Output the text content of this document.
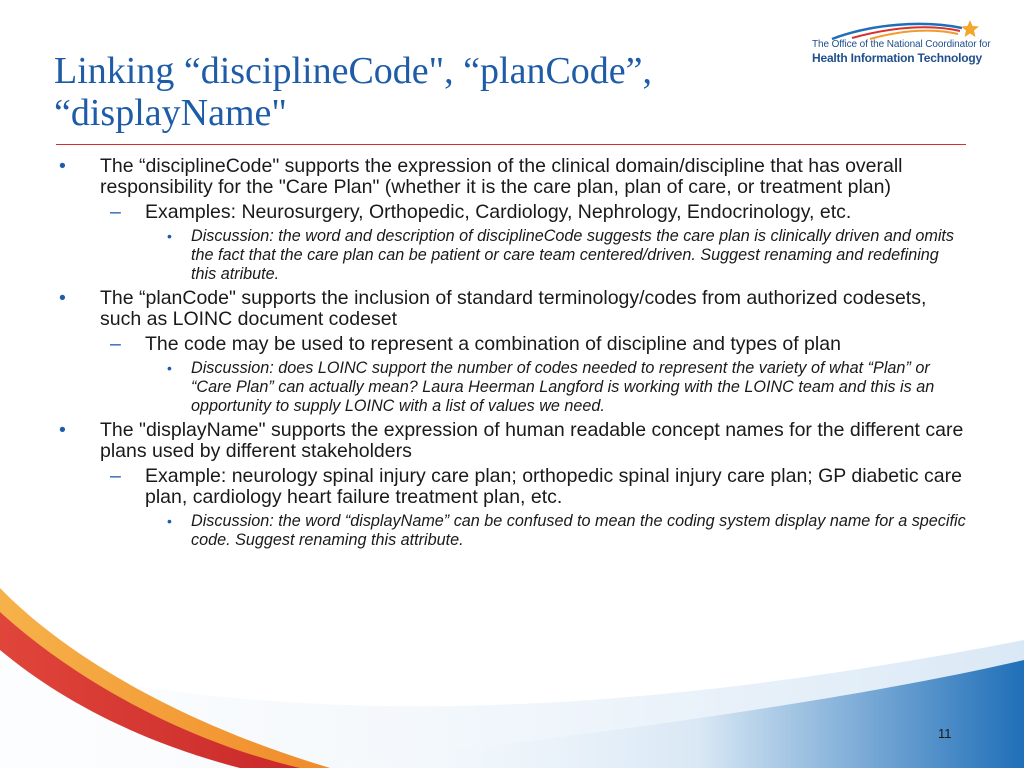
The Office of the National Coordinator for
Health Information Technology
Linking “disciplineCode", “planCode”,
“displayName"
• The “disciplineCode" supports the expression of the clinical domain/discipline that has overall responsibility for the "Care Plan" (whether it is the care plan, plan of care, or treatment plan)
– Examples: Neurosurgery, Orthopedic, Cardiology, Nephrology, Endocrinology, etc.
• Discussion: the word and description of disciplineCode suggests the care plan is clinically driven and omits the fact that the care plan can be patient or care team centered/driven. Suggest renaming and redefining this atribute.
• The “planCode" supports the inclusion of standard terminology/codes from authorized codesets, such as LOINC document codeset
– The code may be used to represent a combination of discipline and types of plan
• Discussion: does LOINC support the number of codes needed to represent the variety of what “Plan” or “Care Plan” can actually mean? Laura Heerman Langford is working with the LOINC team and this is an opportunity to supply LOINC with a list of values we need.
• The "displayName" supports the expression of human readable concept names for the different care plans used by different stakeholders
– Example: neurology spinal injury care plan; orthopedic spinal injury care plan; GP diabetic care plan, cardiology heart failure treatment plan, etc.
• Discussion: the word “displayName” can be confused to mean the coding system display name for a specific code. Suggest renaming this attribute.
11
